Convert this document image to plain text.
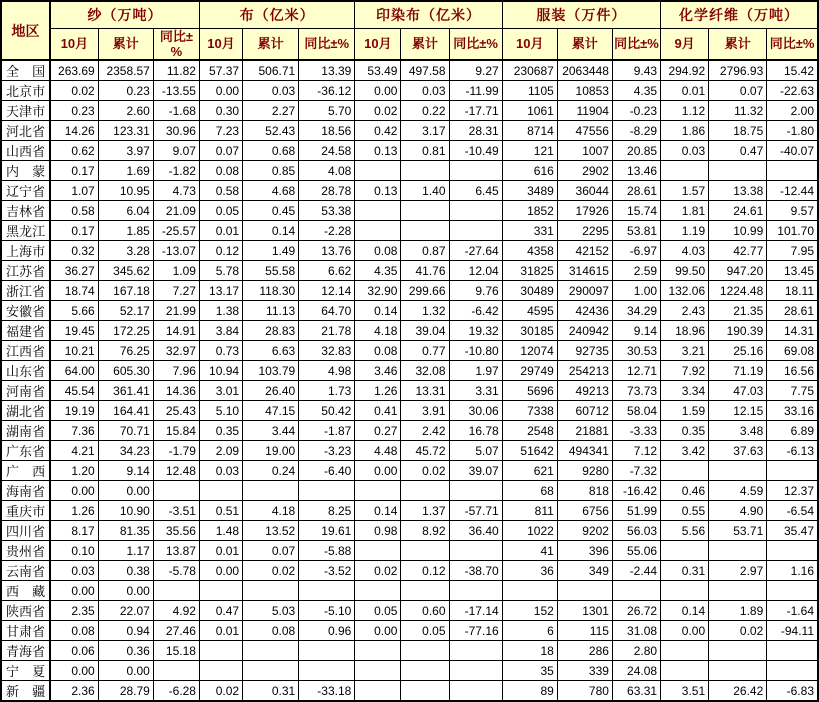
地区	纱（万吨）			布（亿米）			印染布（亿米）			服装（万件）			化学纤维（万吨）		
	10月	累计	同比±%	10月	累计	同比±%	10月	累计	同比±%	10月	累计	同比±%	9月	累计	同比±%
全国	263.69	2358.57	11.82	57.37	506.71	13.39	53.49	497.58	9.27	230687	2063448	9.43	294.92	2796.93	15.42
北京市	0.02	0.23	-13.55	0.00	0.03	-36.12	0.00	0.03	-11.99	1105	10853	4.35	0.01	0.07	-22.63
天津市	0.23	2.60	-1.68	0.30	2.27	5.70	0.02	0.22	-17.71	1061	11904	-0.23	1.12	11.32	2.00
河北省	14.26	123.31	30.96	7.23	52.43	18.56	0.42	3.17	28.31	8714	47556	-8.29	1.86	18.75	-1.80
山西省	0.62	3.97	9.07	0.07	0.68	24.58	0.13	0.81	-10.49	121	1007	20.85	0.03	0.47	-40.07
内蒙	0.17	1.69	-1.82	0.08	0.85	4.08				616	2902	13.46			
辽宁省	1.07	10.95	4.73	0.58	4.68	28.78	0.13	1.40	6.45	3489	36044	28.61	1.57	13.38	-12.44
吉林省	0.58	6.04	21.09	0.05	0.45	53.38				1852	17926	15.74	1.81	24.61	9.57
黑龙江	0.17	1.85	-25.57	0.01	0.14	-2.28				331	2295	53.81	1.19	10.99	101.70
上海市	0.32	3.28	-13.07	0.12	1.49	13.76	0.08	0.87	-27.64	4358	42152	-6.97	4.03	42.77	7.95
江苏省	36.27	345.62	1.09	5.78	55.58	6.62	4.35	41.76	12.04	31825	314615	2.59	99.50	947.20	13.45
浙江省	18.74	167.18	7.27	13.17	118.30	12.14	32.90	299.66	9.76	30489	290097	1.00	132.06	1224.48	18.11
安徽省	5.66	52.17	21.99	1.38	11.13	64.70	0.14	1.32	-6.42	4595	42436	34.29	2.43	21.35	28.61
福建省	19.45	172.25	14.91	3.84	28.83	21.78	4.18	39.04	19.32	30185	240942	9.14	18.96	190.39	14.31
江西省	10.21	76.25	32.97	0.73	6.63	32.83	0.08	0.77	-10.80	12074	92735	30.53	3.21	25.16	69.08
山东省	64.00	605.30	7.96	10.94	103.79	4.98	3.46	32.08	1.97	29749	254213	12.71	7.92	71.19	16.56
河南省	45.54	361.41	14.36	3.01	26.40	1.73	1.26	13.31	3.31	5696	49213	73.73	3.34	47.03	7.75
湖北省	19.19	164.41	25.43	5.10	47.15	50.42	0.41	3.91	30.06	7338	60712	58.04	1.59	12.15	33.16
湖南省	7.36	70.71	15.84	0.35	3.44	-1.87	0.27	2.42	16.78	2548	21881	-3.33	0.35	3.48	6.89
广东省	4.21	34.23	-1.79	2.09	19.00	-3.23	4.48	45.72	5.07	51642	494341	7.12	3.42	37.63	-6.13
广西	1.20	9.14	12.48	0.03	0.24	-6.40	0.00	0.02	39.07	621	9280	-7.32			
海南省	0.00	0.00								68	818	-16.42	0.46	4.59	12.37
重庆市	1.26	10.90	-3.51	0.51	4.18	8.25	0.14	1.37	-57.71	811	6756	51.99	0.55	4.90	-6.54
四川省	8.17	81.35	35.56	1.48	13.52	19.61	0.98	8.92	36.40	1022	9202	56.03	5.56	53.71	35.47
贵州省	0.10	1.17	13.87	0.01	0.07	-5.88				41	396	55.06			
云南省	0.03	0.38	-5.78	0.00	0.02	-3.52	0.02	0.12	-38.70	36	349	-2.44	0.31	2.97	1.16
西藏	0.00	0.00													
陕西省	2.35	22.07	4.92	0.47	5.03	-5.10	0.05	0.60	-17.14	152	1301	26.72	0.14	1.89	-1.64
甘肃省	0.08	0.94	27.46	0.01	0.08	0.96	0.00	0.05	-77.16	6	115	31.08	0.00	0.02	-94.11
青海省	0.06	0.36	15.18							18	286	2.80			
宁夏	0.00	0.00								35	339	24.08			
新疆	2.36	28.79	-6.28	0.02	0.31	-33.18				89	780	63.31	3.51	26.42	-6.83
